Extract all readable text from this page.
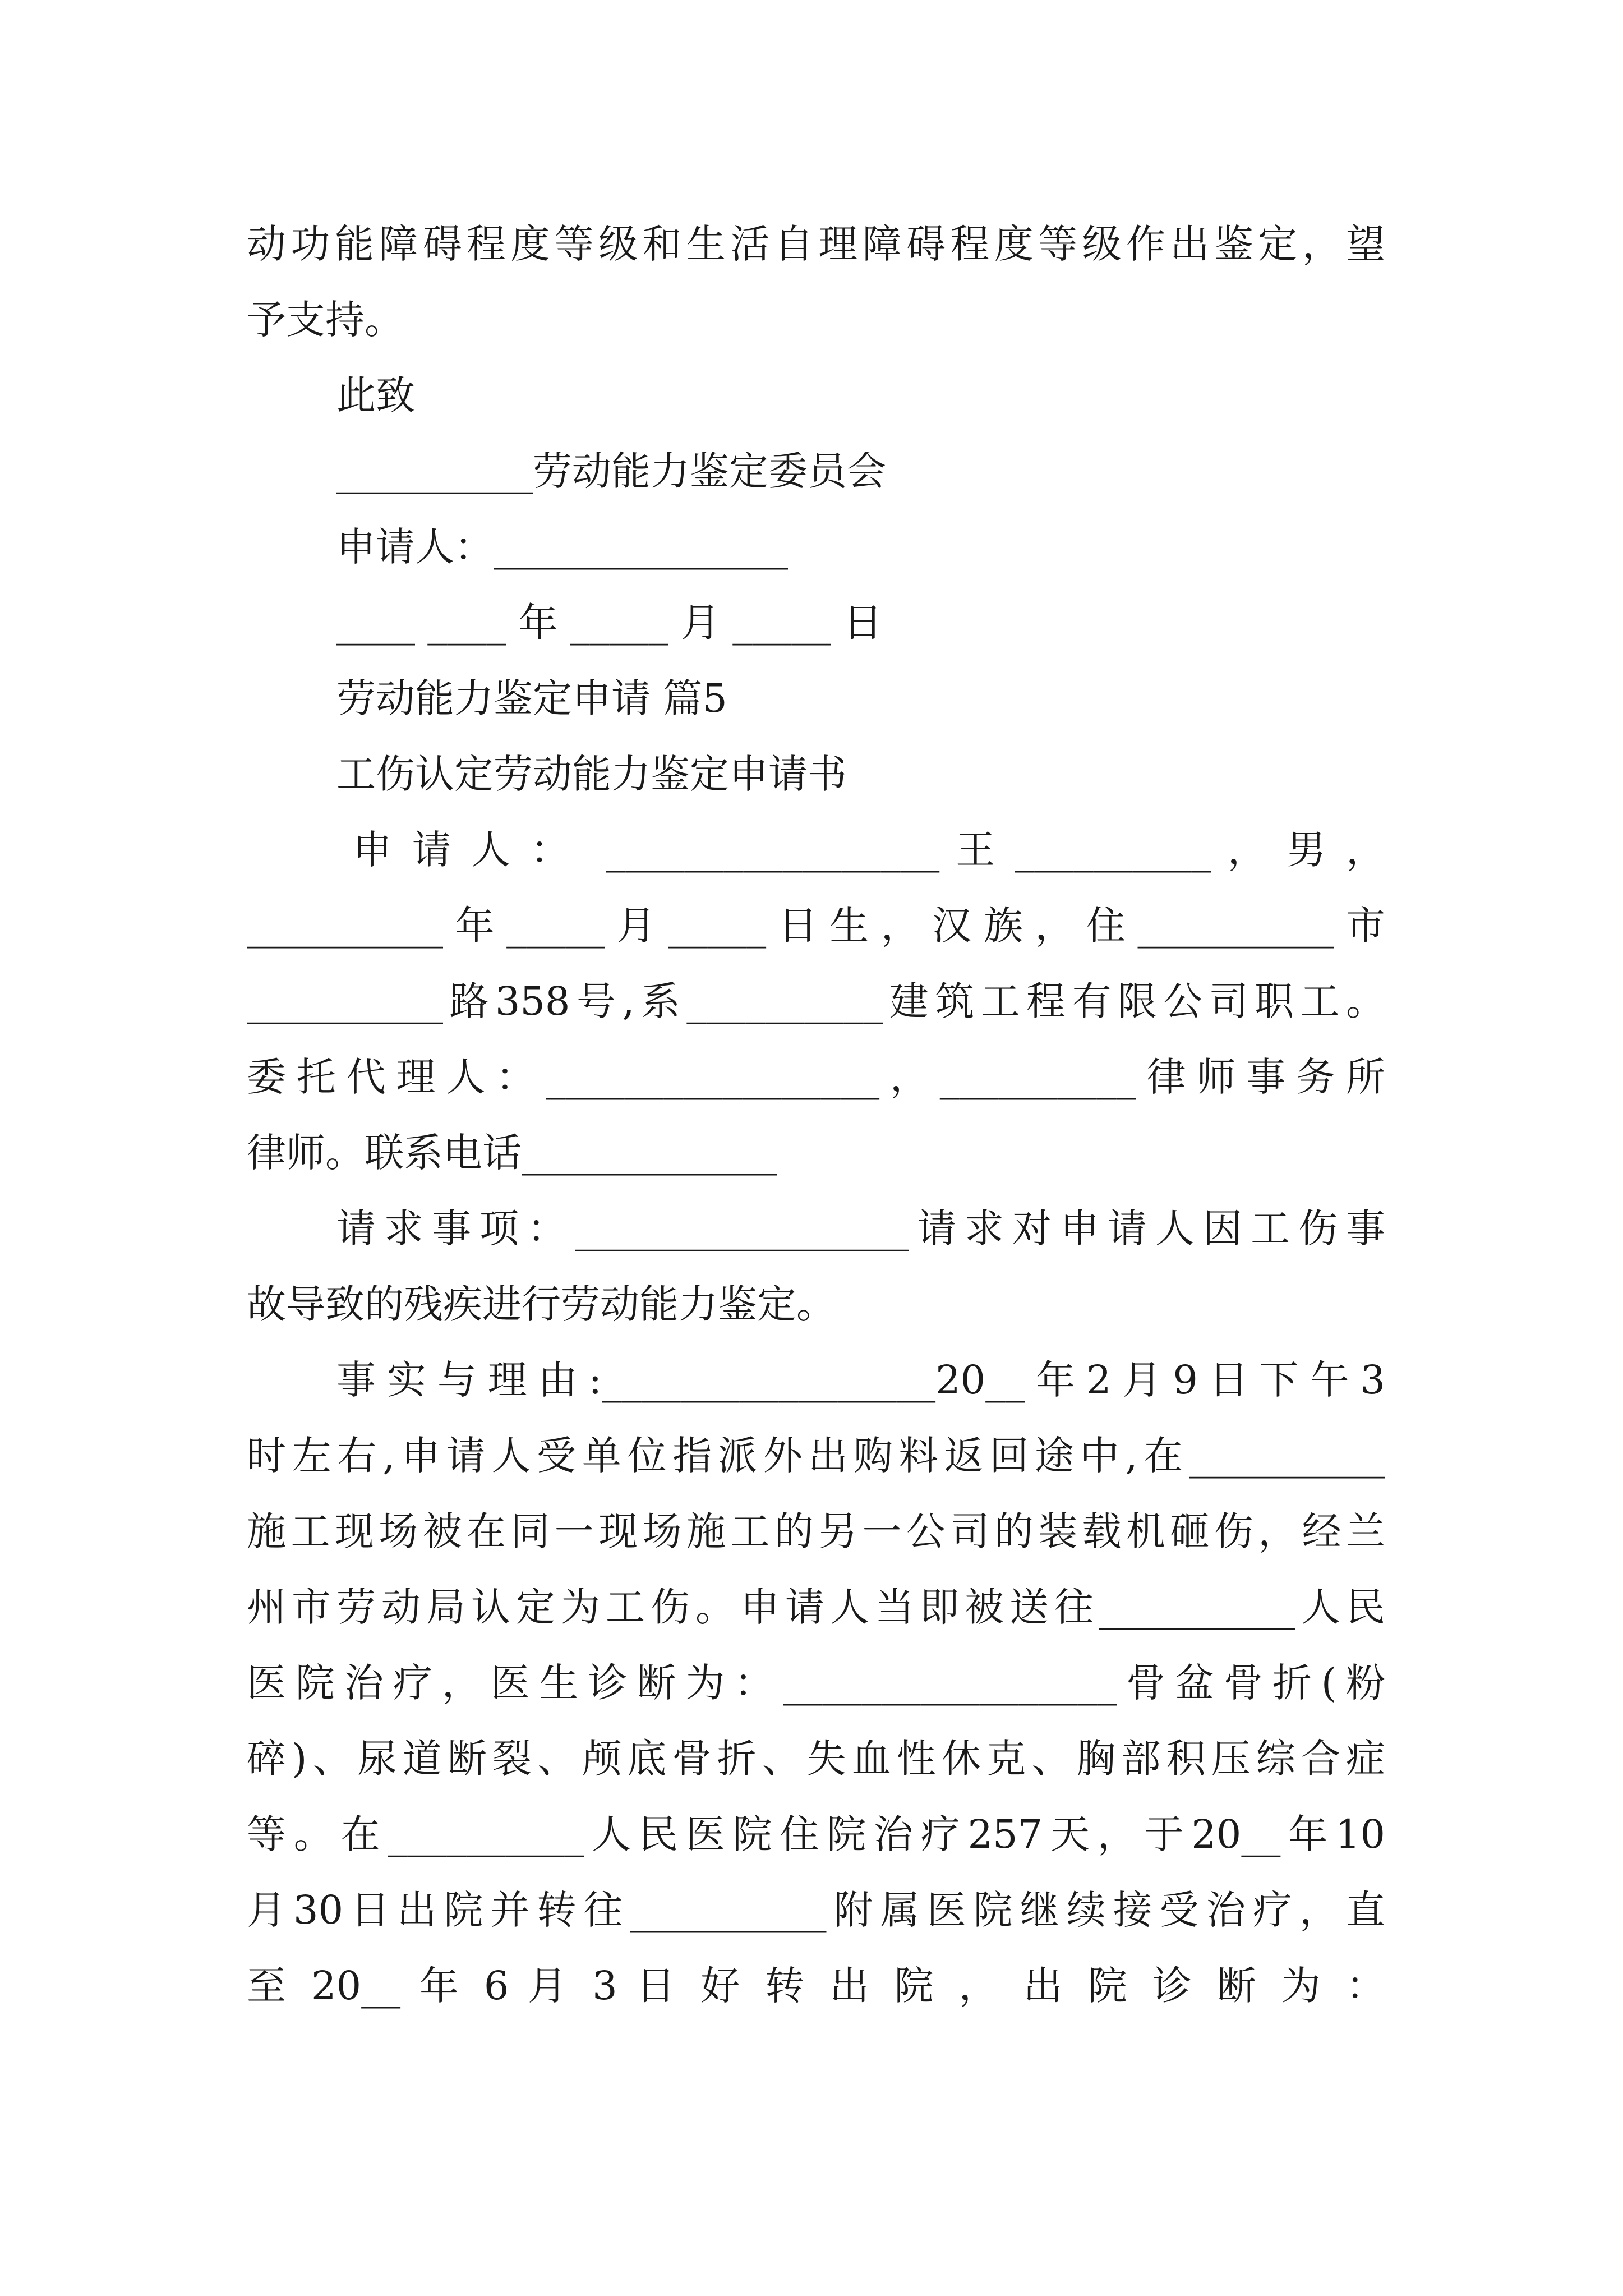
动功能障碍程度等级和生活自理障碍程度等级作出鉴定，望
予支持。
此致
__________劳动能力鉴定委员会
申请人：_______________
____ ____ 年 _____ 月 _____ 日
劳动能力鉴定申请 篇5
工伤认定劳动能力鉴定申请书
申 请 人 ：  _________________ 王 __________ ， 男 ，
__________年_____月_____日生，汉族，住__________市
__________路358号,系__________建筑工程有限公司职工。
委托代理人：_________________，__________律师事务所
律师。联系电话_____________
请求事项：_________________请求对申请人因工伤事
故导致的残疾进行劳动能力鉴定。
事实与理由:_________________20__年2月9日下午3
时左右,申请人受单位指派外出购料返回途中,在__________
施工现场被在同一现场施工的另一公司的装载机砸伤，经兰
州市劳动局认定为工伤。申请人当即被送往__________人民
医院治疗，医生诊断为：_________________骨盆骨折(粉
碎)、尿道断裂、颅底骨折、失血性休克、胸部积压综合症
等。在__________人民医院住院治疗257天，于20__年10
月30日出院并转往__________附属医院继续接受治疗，直
至 20__ 年 6 月 3 日 好 转 出 院 ， 出 院 诊 断 为 ：
